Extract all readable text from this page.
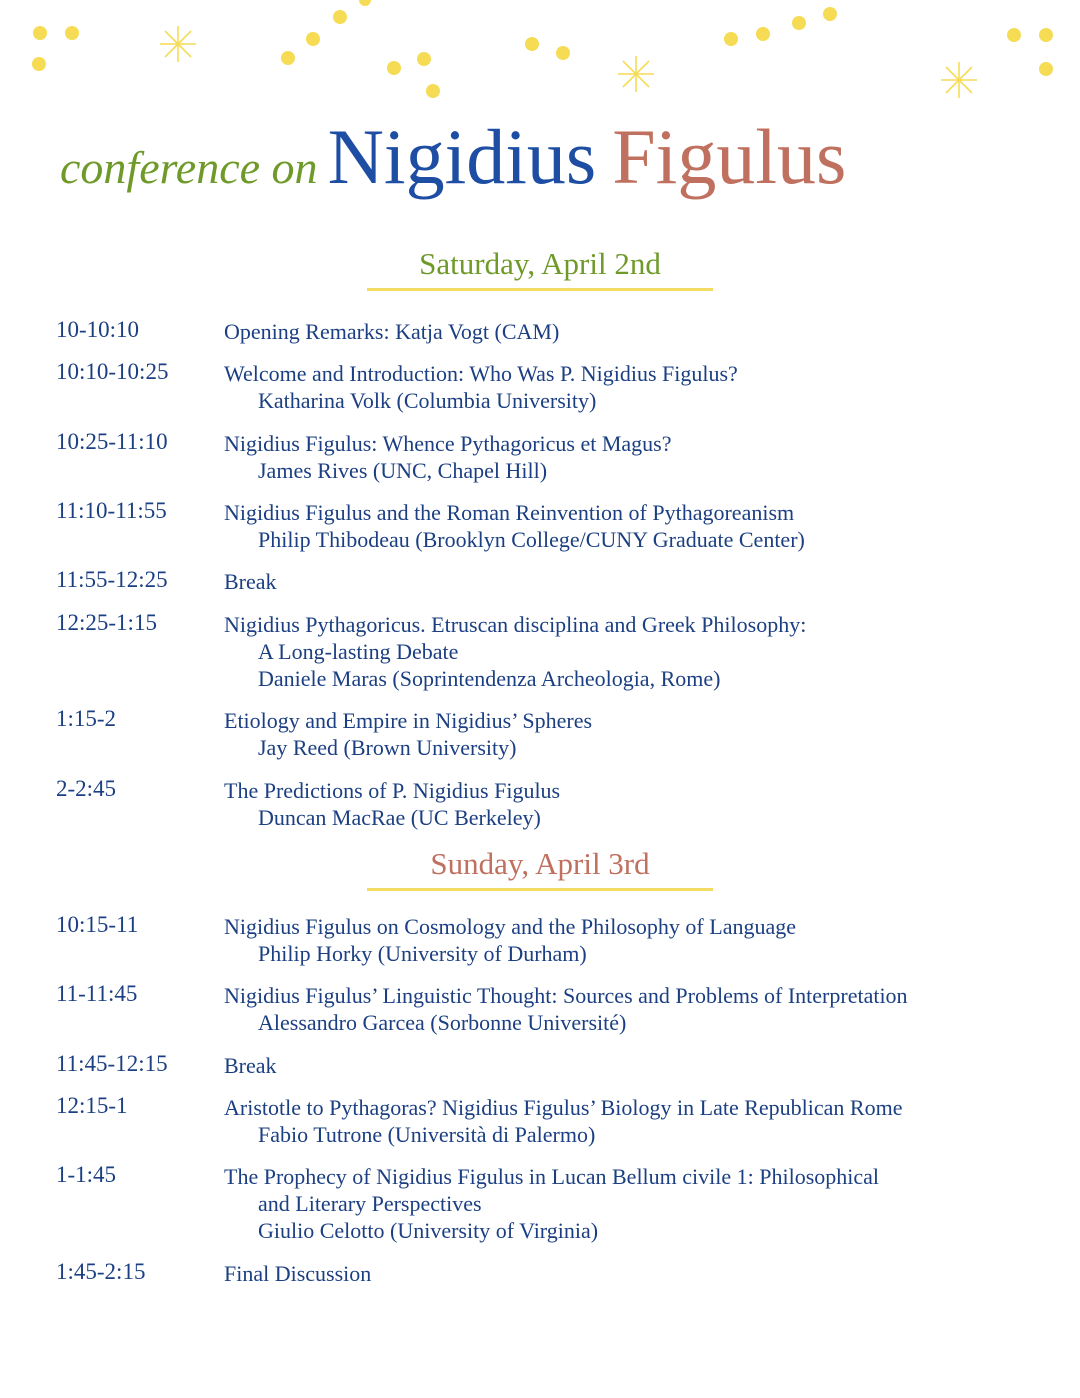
conference on Nigidius Figulus
Saturday, April 2nd
Sunday, April 3rd
10-10:10	Opening Remarks: Katja Vogt (CAM)
10:10-10:25	Welcome and Introduction: Who Was P. Nigidius Figulus?
Katharina Volk (Columbia University)
10:25-11:10	Nigidius Figulus: Whence Pythagoricus et Magus?
James Rives (UNC, Chapel Hill)
11:10-11:55	Nigidius Figulus and the Roman Reinvention of Pythagoreanism
Philip Thibodeau (Brooklyn College/CUNY Graduate Center)
11:55-12:25	Break
12:25-1:15	Nigidius Pythagoricus. Etruscan disciplina and Greek Philosophy:
A Long-lasting Debate
Daniele Maras (Soprintendenza Archeologia, Rome)
1:15-2	Etiology and Empire in Nigidius’ Spheres
Jay Reed (Brown University)
2-2:45	The Predictions of P. Nigidius Figulus
Duncan MacRae (UC Berkeley)
10:15-11	Nigidius Figulus on Cosmology and the Philosophy of Language
Philip Horky (University of Durham)
11-11:45	Nigidius Figulus’ Linguistic Thought: Sources and Problems of Interpretation
Alessandro Garcea (Sorbonne Université)
11:45-12:15	Break
12:15-1	Aristotle to Pythagoras? Nigidius Figulus’ Biology in Late Republican Rome
Fabio Tutrone (Università di Palermo)
1-1:45	The Prophecy of Nigidius Figulus in Lucan Bellum civile 1: Philosophical
and Literary Perspectives
Giulio Celotto (University of Virginia)
1:45-2:15	Final Discussion
